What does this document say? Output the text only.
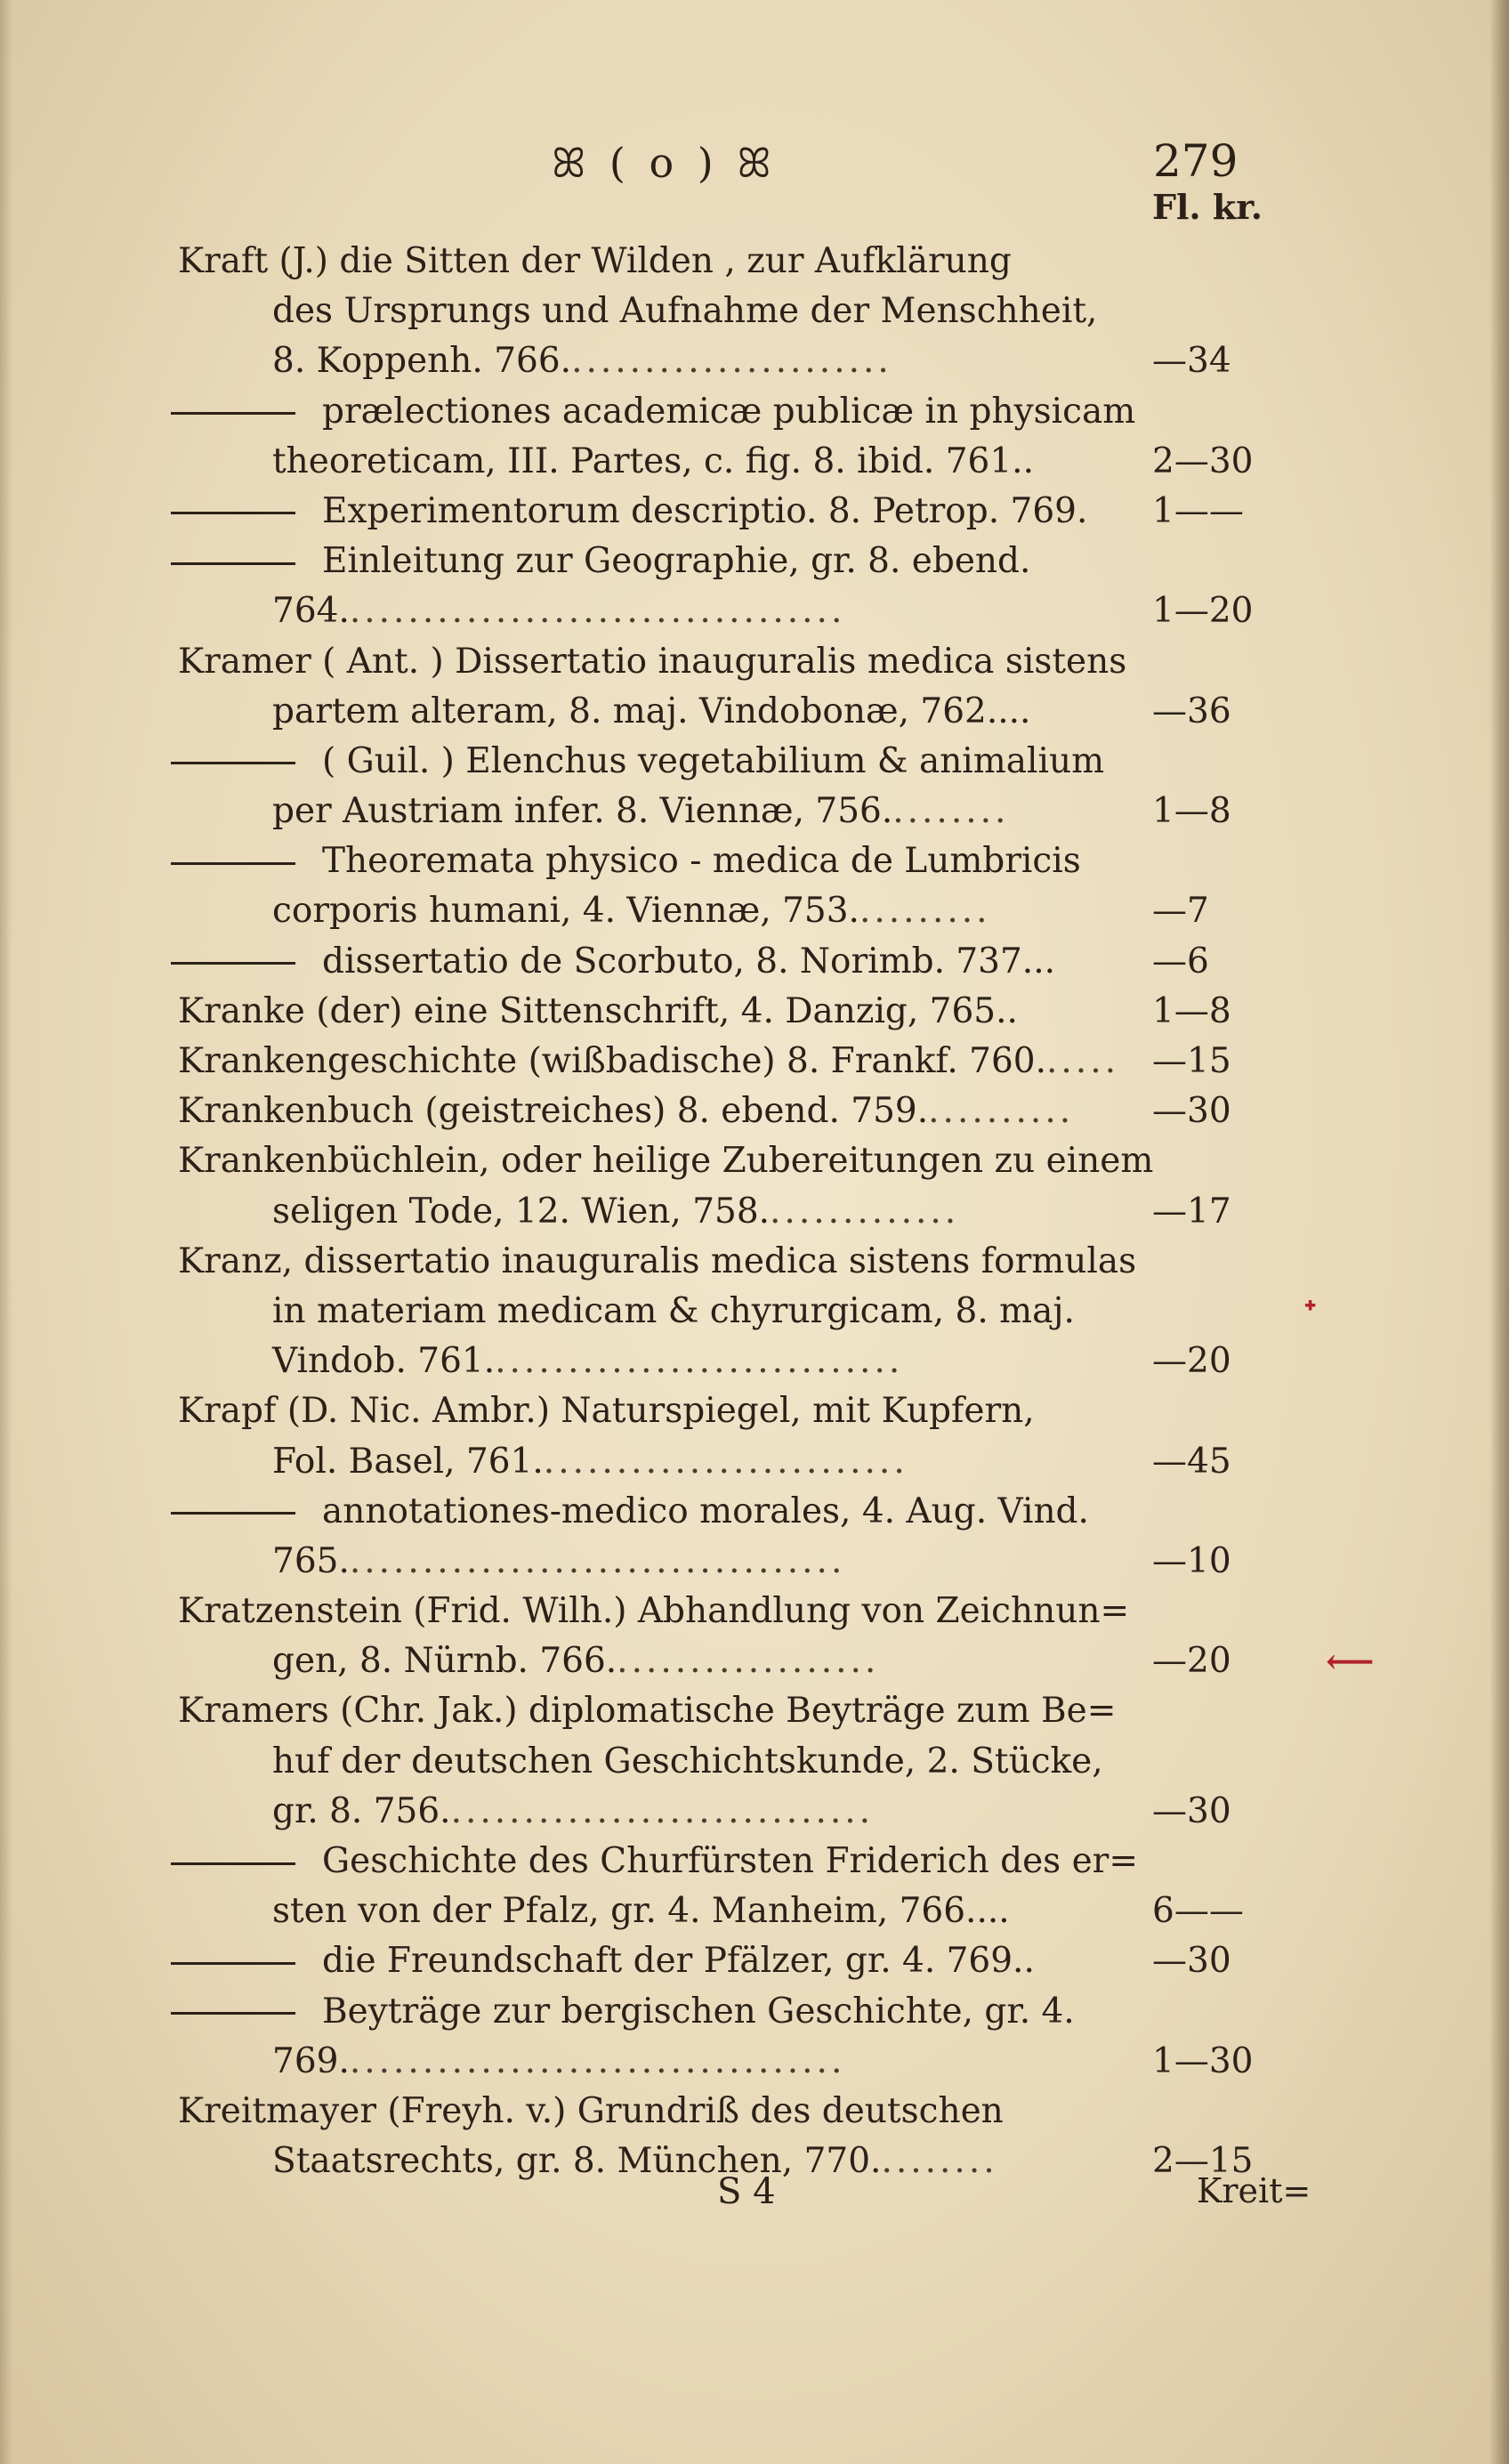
ꕤ ( o ) ꕤ	279
Fl. kr.
Kraft (J.) die Sitten der Wilden , zur Aufklärung
des Ursprungs und Aufnahme der Menschheit,
8. Koppenh. 766.......................	—34
prælectiones academicæ publicæ in physicam
theoreticam, III. Partes, c. fig. 8. ibid. 761..	2—30
Experimentorum descriptio. 8. Petrop. 769. 1——
Einleitung zur Geographie, gr. 8. ebend.
764...................................	1—20
Kramer ( Ant. ) Dissertatio inauguralis medica sistens
partem alteram, 8. maj. Vindobonæ, 762....	—36
( Guil. ) Elenchus vegetabilium & animalium
per Austriam infer. 8. Viennæ, 756.........	1—8
Theoremata physico - medica de Lumbricis
corporis humani, 4. Viennæ, 753..........	—7
dissertatio de Scorbuto, 8. Norimb. 737...	—6
Kranke (der) eine Sittenschrift, 4. Danzig, 765..	1—8
Krankengeschichte (wißbadische) 8. Frankf. 760...... —15
Krankenbuch (geistreiches) 8. ebend. 759........... —30
Krankenbüchlein, oder heilige Zubereitungen zu einem
seligen Tode, 12. Wien, 758..............	—17
Kranz, dissertatio inauguralis medica sistens formulas
in materiam medicam & chyrurgicam, 8. maj.	ᐩ
Vindob. 761.............................	—20
Krapf (D. Nic. Ambr.) Naturspiegel, mit Kupfern,
Fol. Basel, 761..........................	—45
annotationes-medico morales, 4. Aug. Vind.
765...................................	—10
Kratzenstein (Frid. Wilh.) Abhandlung von Zeichnun=
gen, 8. Nürnb. 766...................	—20	⟵
Kramers (Chr. Jak.) diplomatische Beyträge zum Be=
huf der deutschen Geschichtskunde, 2. Stücke,
gr. 8. 756..............................	—30
Geschichte des Churfürsten Friderich des er=
sten von der Pfalz, gr. 4. Manheim, 766....	6——
die Freundschaft der Pfälzer, gr. 4. 769..	—30
Beyträge zur bergischen Geschichte, gr. 4.
769...................................	1—30
Kreitmayer (Freyh. v.) Grundriß des deutschen
Staatsrechts, gr. 8. München, 770.........	2—15
S 4	Kreit=
